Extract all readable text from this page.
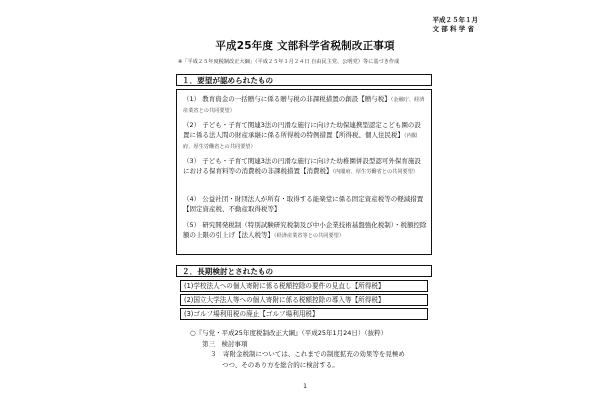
平成２５年１月
文 部 科 学 省
平成25年度 文部科学省税制改正事項
※「平成２５年度税制改正大綱」（平成２５年１月２４日 自由民主党、公明党）等に基づき作成
１．要望が認められたもの
（1） 教育資金の一括贈与に係る贈与税の非課税措置の創設【贈与税】（金融庁、経済産業省との共同要望）
（2） 子ども・子育て関連3法の円滑な施行に向けた幼保連携型認定こども園の設置に係る法人間の財産承継に係る所得税の特例措置【所得税、個人住民税】（内閣府、厚生労働省との共同要望）
（3） 子ども・子育て関連3法の円滑な施行に向けた幼稚園併設型認可外保育施設における保育料等の消費税の非課税措置【消費税】（内閣府、厚生労働省との共同要望）
（4） 公益社団・財団法人が所有・取得する能楽堂に係る固定資産税等の軽減措置【固定資産税、不動産取得税等】
（5） 研究開発税制（特別試験研究税制及び中小企業技術基盤強化税制）・税額控除額の上限の引上げ【法人税等】（経済産業省等との共同要望）
２．長期検討とされたもの
(1)学校法人への個人寄附に係る税額控除の要件の見直し【所得税】
(2)国立大学法人等への個人寄附に係る税額控除の導入等【所得税】
(3)ゴルフ場利用税の廃止【ゴルフ場利用税】
○『与党・平成25年度税制改正大綱』（平成25年1月24日）（抜粋）
第三　検討事項
３　寄附金税制については、これまでの制度拡充の効果等を見極め
つつ、そのあり方を総合的に検討する。
1
